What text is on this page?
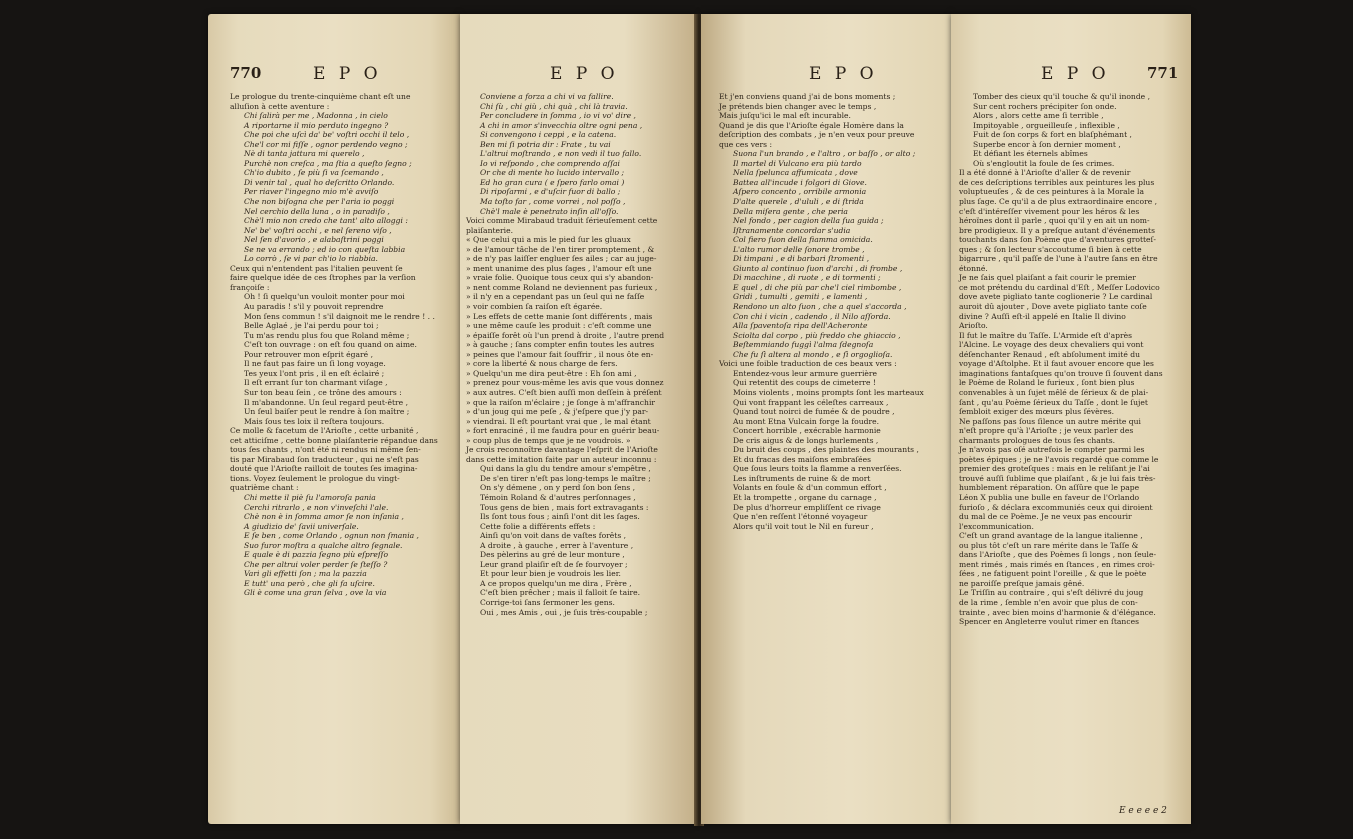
770	E P O

Le prologue du trente-cinquième chant eſt une

alluſion à cette aventure :

Chi ſalirà per me , Madonna , in cielo

A riportarne il mio perduto ingegno ?

Che poi che uſcì da' be' voſtri occhi il telo ,

Che'l cor mi fiſſe , ognor perdendo vegno ;

Nè di tanta jattura mi querelo ,

Purchè non creſca , ma ſtia a queſto ſegno ;

Ch'io dubito , ſe più ſi va ſcemando ,

Di venir tal , qual ho deſcritto Orlando.

Per riaver l'ingegno mio m'è avviſo

Che non biſogna che per l'aria io poggi

Nel cerchio della luna , o in paradiſo ,

Chè'l mio non credo che tant' alto alloggi :

Ne' be' voſtri occhi , e nel ſereno viſo ,

Nel ſen d'avorio , e alabaſtrini poggi

Se ne va errando ; ed io con queſta labbia

Lo corrò , ſe vi par ch'io lo riabbia.

Ceux qui n'entendent pas l'italien peuvent ſe

faire quelque idée de ces ſtrophes par la verſion

françoiſe :

Oh ! ſi quelqu'un vouloit monter pour moi

Au paradis ! s'il y pouvoit reprendre

Mon ſens commun ! s'il daignoit me le rendre ! . .

Belle Aglaé , je l'ai perdu pour toi ;

Tu m'as rendu plus fou que Roland même ;

C'eſt ton ouvrage : on eſt fou quand on aime.

Pour retrouver mon eſprit égaré ,

Il ne faut pas faire un ſi long voyage.

Tes yeux l'ont pris , il en eſt éclairé ;

Il eſt errant ſur ton charmant viſage ,

Sur ton beau ſein , ce trône des amours :

Il m'abandonne. Un ſeul regard peut-être ,

Un ſeul baiſer peut le rendre à ſon maître ;

Mais ſous tes loix il reſtera toujours.

Ce molle & facetum de l'Arioſte , cette urbanité ,

cet atticiſme , cette bonne plaiſanterie répandue dans

tous ſes chants , n'ont été ni rendus ni même ſen-

tis par Mirabaud ſon traducteur , qui ne s'eſt pas

douté que l'Arioſte railloit de toutes ſes imagina-

tions. Voyez ſeulement le prologue du vingt-

quatrième chant :

Chi mette il piè ſu l'amoroſa pania

Cerchi ritrarlo , e non v'inveſchi l'ale.

Chè non è in ſomma amor ſe non inſania ,

A giudizio de' ſavii univerſale.

E ſe ben , come Orlando , ognun non ſmania ,

Suo furor moſtra a qualche altro ſegnale.

E quale è di pazzia ſegno più eſpreſſo

Che per altrui voler perder ſe ſteſſo ?

Vari gli effetti ſon ; ma la pazzia

E tutt' una però , che gli fa uſcire.

Gli è come una gran ſelva , ove la via

E P O

Conviene a forza a chi vi va fallire.

Chi ſù , chi giù , chi quà , chi là travia.

Per concludere in ſomma , io vi vo' dire ,

A chi in amor s'invecchia oltre ogni pena ,

Si convengono i ceppi , e la catena.

Ben mi ſi potria dir : Frate , tu vai

L'altrui moſtrando , e non vedi il tuo fallo.

Io vi reſpondo , che comprendo aſſai

Or che di mente ho lucido intervallo ;

Ed ho gran cura ( e ſpero farlo omai )

Di ripoſarmi , e d'uſcir fuor di ballo ;

Ma toſto far , come vorrei , nol poſſo ,

Chè'l male è penetrato inſin all'oſſo.

Voici comme Mirabaud traduit ſérieuſement cette

plaiſanterie.

« Que celui qui a mis le pied ſur les gluaux

» de l'amour tâche de l'en tirer promptement , &

» de n'y pas laiſſer engluer ſes ailes ; car au juge-

» ment unanime des plus ſages , l'amour eſt une

» vraie folie. Quoique tous ceux qui s'y abandon-

» nent comme Roland ne deviennent pas furieux ,

» il n'y en a cependant pas un ſeul qui ne faſſe

» voir combien ſa raiſon eſt égarée.

» Les effets de cette manie ſont différents , mais

» une même cauſe les produit : c'eſt comme une

» épaiſſe forêt où l'un prend à droite , l'autre prend

» à gauche ; ſans compter enfin toutes les autres

» peines que l'amour fait ſouffrir , il nous ôte en-

» core la liberté & nous charge de fers.

» Quelqu'un me dira peut-être : Eh ſon ami ,

» prenez pour vous-même les avis que vous donnez

» aux autres. C'eſt bien auſſi mon deſſein à préſent

» que la raiſon m'éclaire ; je ſonge à m'affranchir

» d'un joug qui me peſe , & j'eſpere que j'y par-

» viendrai. Il eſt pourtant vrai que , le mal étant

» fort enraciné , il me faudra pour en guérir beau-

» coup plus de temps que je ne voudrois. »

Je crois reconnoître davantage l'eſprit de l'Arioſte

dans cette imitation faite par un auteur inconnu :

Qui dans la glu du tendre amour s'empêtre ,

De s'en tirer n'eſt pas long-temps le maître ;

On s'y démene , on y perd ſon bon ſens ,

Témoin Roland & d'autres perſonnages ,

Tous gens de bien , mais fort extravagants :

Ils ſont tous fous ; ainſi l'ont dit les ſages.

Cette folie a différents effets :

Ainſi qu'on voit dans de vaſtes forêts ,

A droite , à gauche , errer à l'aventure ,

Des pèlerins au gré de leur monture ,

Leur grand plaiſir eſt de ſe fourvoyer ;

Et pour leur bien je voudrois les lier.

A ce propos quelqu'un me dira , Frère ,

C'eſt bien prêcher ; mais il falloit ſe taire.

Corrige-toi ſans ſermoner les gens.

Oui , mes Amis , oui , je ſuis très-coupable ;

E P O

Et j'en conviens quand j'ai de bons moments ;

Je prétends bien changer avec le temps ,

Mais juſqu'ici le mal eſt incurable.

Quand je dis que l'Arioſte égale Homère dans la

deſcription des combats , je n'en veux pour preuve

que ces vers :

Suona l'un brando , e l'altro , or baſſo , or alto ;

Il martel di Vulcano era più tardo

Nella ſpelunca affumicata , dove

Battea all'incude i folgori di Giove.

Aſpero concento , orribile armonia

D'alte querele , d'ululi , e di ſtrida

Della miſera gente , che peria

Nel fondo , per cagion della ſua guida ;

Iſtranamente concordar s'udia

Col fiero ſuon della fiamma omicida.

L'alto rumor delle ſonore trombe ,

Di timpani , e di barbari ſtromenti ,

Giunto al continuo ſuon d'archi , di frombe ,

Di macchine , di ruote , e di tormenti ;

E quel , di che più par che'l ciel rimbombe ,

Gridi , tumulti , gemiti , e lamenti ,

Rendono un alto ſuon , che a quel s'accorda ,

Con chi i vicin , cadendo , il Nilo aſſorda.

Alla ſpaventoſa ripa dell'Acheronte

Sciolta dal corpo , più freddo che ghiaccio ,

Beſtemmiando fuggì l'alma ſdegnoſa

Che fu ſì altera al mondo , e ſì orgoglioſa.

Voici une foible traduction de ces beaux vers :

Entendez-vous leur armure guerrière

Qui retentit des coups de cimeterre !

Moins violents , moins prompts ſont les marteaux

Qui vont frappant les céleſtes carreaux ,

Quand tout noirci de fumée & de poudre ,

Au mont Etna Vulcain forge la foudre.

Concert horrible , exécrable harmonie

De cris aigus & de longs hurlements ,

Du bruit des coups , des plaintes des mourants ,

Et du fracas des maiſons embraſées

Que ſous leurs toits la flamme a renverſées.

Les inſtruments de ruine & de mort

Volants en foule & d'un commun effort ,

Et la trompette , organe du carnage ,

De plus d'horreur empliſſent ce rivage

Que n'en reſſent l'étonné voyageur

Alors qu'il voit tout le Nil en fureur ,

E P O 771

Tomber des cieux qu'il touche & qu'il inonde ,

Sur cent rochers précipiter ſon onde.

Alors , alors cette ame ſi terrible ,

Impitoyable , orgueilleuſe , inflexible ,

Fuit de ſon corps & fort en blaſphémant ,

Superbe encor à ſon dernier moment ,

Et défiant les éternels abîmes

Où s'engloutit la foule de ſes crimes.

Il a été donné à l'Arioſte d'aller & de revenir

de ces deſcriptions terribles aux peintures les plus

voluptueuſes , & de ces peintures à la Morale la

plus ſage. Ce qu'il a de plus extraordinaire encore ,

c'eſt d'intéreſſer vivement pour les héros & les

héroïnes dont il parle , quoi qu'il y en ait un nom-

bre prodigieux. Il y a preſque autant d'événements

touchants dans ſon Poème que d'aventures grotteſ-

ques ; & ſon lecteur s'accoutume ſi bien à cette

bigarrure , qu'il paſſe de l'une à l'autre ſans en être

étonné.

Je ne ſais quel plaiſant a fait courir le premier

ce mot prétendu du cardinal d'Eſt , Meſſer Lodovico

dove avete pigliato tante coglionerie ? Le cardinal

auroit dû ajouter , Dove avete pigliato tante coſe

divine ? Auſſi eſt-il appelé en Italie Il divino

Arioſto.

Il fut le maître du Taſſe. L'Armide eſt d'après

l'Alcine. Le voyage des deux chevaliers qui vont

déſenchanter Renaud , eſt abſolument imité du

voyage d'Aſtolphe. Et il faut avouer encore que les

imaginations fantaſques qu'on trouve ſi ſouvent dans

le Poème de Roland le furieux , ſont bien plus

convenables à un ſujet mêlé de ſérieux & de plai-

ſant , qu'au Poème ſérieux du Taſſe , dont le ſujet

ſembloit exiger des mœurs plus ſévères.

Ne paſſons pas ſous ſilence un autre mérite qui

n'eſt propre qu'à l'Arioſte ; je veux parler des

charmants prologues de tous ſes chants.

Je n'avois pas oſé autrefois le compter parmi les

poètes épiques ; je ne l'avois regardé que comme le

premier des groteſques : mais en le reliſant je l'ai

trouvé auſſi ſublime que plaiſant , & je lui fais très-

humblement réparation. On aſſûre que le pape

Léon X publia une bulle en faveur de l'Orlando

furioſo , & déclara excommuniés ceux qui diroient

du mal de ce Poème. Je ne veux pas encourir

l'excommunication.

C'eſt un grand avantage de la langue italienne ,

ou plus tôt c'eſt un rare mérite dans le Taſſe &

dans l'Arioſte , que des Poèmes ſi longs , non ſeule-

ment rimés , mais rimés en ſtances , en rimes croi-

ſées , ne fatiguent point l'oreille , & que le poète

ne paroiſſe preſque jamais gêné.

Le Triſſin au contraire , qui s'eſt délivré du joug

de la rime , ſemble n'en avoir que plus de con-

trainte , avec bien moins d'harmonie & d'élégance.

Spencer en Angleterre voulut rimer en ſtances

E e e e e 2
